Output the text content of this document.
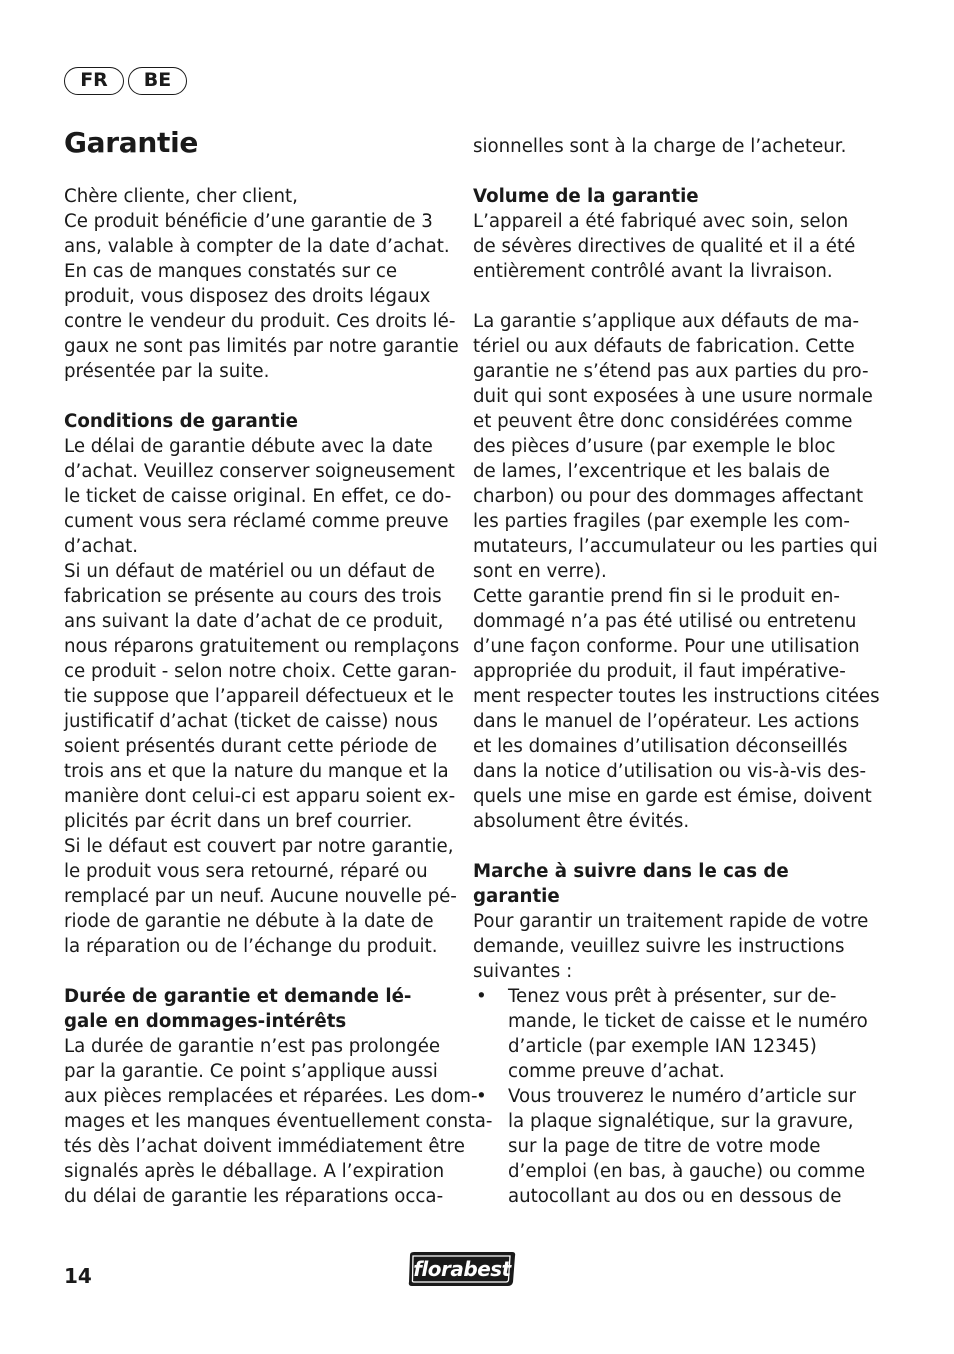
FR	BE
Garantie
Chère cliente, cher client,
Ce produit bénéficie d’une garantie de 3
ans, valable à compter de la date d’achat.
En cas de manques constatés sur ce
produit, vous disposez des droits légaux
contre le vendeur du produit. Ces droits lé-
gaux ne sont pas limités par notre garantie
présentée par la suite.
Conditions de garantie
Le délai de garantie débute avec la date
d’achat. Veuillez conserver soigneusement
le ticket de caisse original. En effet, ce do-
cument vous sera réclamé comme preuve
d’achat.
Si un défaut de matériel ou un défaut de
fabrication se présente au cours des trois
ans suivant la date d’achat de ce produit,
nous réparons gratuitement ou remplaçons
ce produit - selon notre choix. Cette garan-
tie suppose que l’appareil défectueux et le
justificatif d’achat (ticket de caisse) nous
soient présentés durant cette période de
trois ans et que la nature du manque et la
manière dont celui-ci est apparu soient ex-
plicités par écrit dans un bref courrier.
Si le défaut est couvert par notre garantie,
le produit vous sera retourné, réparé ou
remplacé par un neuf. Aucune nouvelle pé-
riode de garantie ne débute à la date de
la réparation ou de l’échange du produit.
Durée de garantie et demande lé-
gale en dommages-intérêts
La durée de garantie n’est pas prolongée
par la garantie. Ce point s’applique aussi
aux pièces remplacées et réparées. Les dom-
mages et les manques éventuellement consta-
tés dès l’achat doivent immédiatement être
signalés après le déballage. A l’expiration
du délai de garantie les réparations occa-
sionnelles sont à la charge de l’acheteur.
Volume de la garantie
L’appareil a été fabriqué avec soin, selon
de sévères directives de qualité et il a été
entièrement contrôlé avant la livraison.
La garantie s’applique aux défauts de ma-
tériel ou aux défauts de fabrication. Cette
garantie ne s’étend pas aux parties du pro-
duit qui sont exposées à une usure normale
et peuvent être donc considérées comme
des pièces d’usure (par exemple le bloc
de lames, l’excentrique et les balais de
charbon) ou pour des dommages affectant
les parties fragiles (par exemple les com-
mutateurs, l’accumulateur ou les parties qui
sont en verre).
Cette garantie prend fin si le produit en-
dommagé n’a pas été utilisé ou entretenu
d’une façon conforme. Pour une utilisation
appropriée du produit, il faut impérative-
ment respecter toutes les instructions citées
dans le manuel de l’opérateur. Les actions
et les domaines d’utilisation déconseillés
dans la notice d’utilisation ou vis-à-vis des-
quels une mise en garde est émise, doivent
absolument être évités.
Marche à suivre dans le cas de
garantie
Pour garantir un traitement rapide de votre
demande, veuillez suivre les instructions
suivantes :
• Tenez vous prêt à présenter, sur de-
mande, le ticket de caisse et le numéro
d’article (par exemple IAN 12345)
comme preuve d’achat.
• Vous trouverez le numéro d’article sur
la plaque signalétique, sur la gravure,
sur la page de titre de votre mode
d’emploi (en bas, à gauche) ou comme
autocollant au dos ou en dessous de
14	florabest
